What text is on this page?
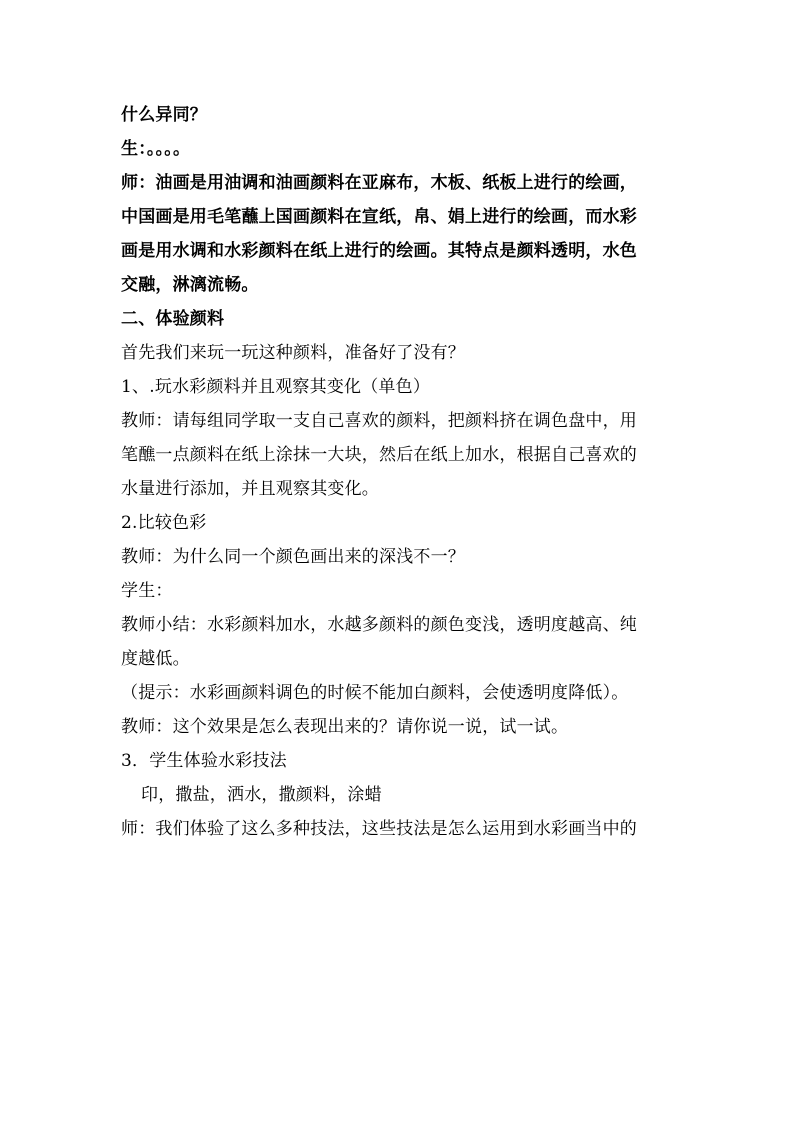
什么异同？
生：。。。。
师：油画是用油调和油画颜料在亚麻布，木板、纸板上进行的绘画，
中国画是用毛笔蘸上国画颜料在宣纸，帛、娟上进行的绘画，而水彩
画是用水调和水彩颜料在纸上进行的绘画。其特点是颜料透明，水色
交融，淋漓流畅。
二、体验颜料
首先我们来玩一玩这种颜料，准备好了没有？
1、.玩水彩颜料并且观察其变化（单色）
教师：请每组同学取一支自己喜欢的颜料，把颜料挤在调色盘中，用
笔醮一点颜料在纸上涂抹一大块，然后在纸上加水，根据自己喜欢的
水量进行添加，并且观察其变化。
2.比较色彩
教师：为什么同一个颜色画出来的深浅不一？
学生：
教师小结：水彩颜料加水，水越多颜料的颜色变浅，透明度越高、纯
度越低。
（提示：水彩画颜料调色的时候不能加白颜料，会使透明度降低）。
教师：这个效果是怎么表现出来的？请你说一说，试一试。
3．学生体验水彩技法
印，撒盐，洒水，撒颜料，涂蜡
师：我们体验了这么多种技法，这些技法是怎么运用到水彩画当中的
